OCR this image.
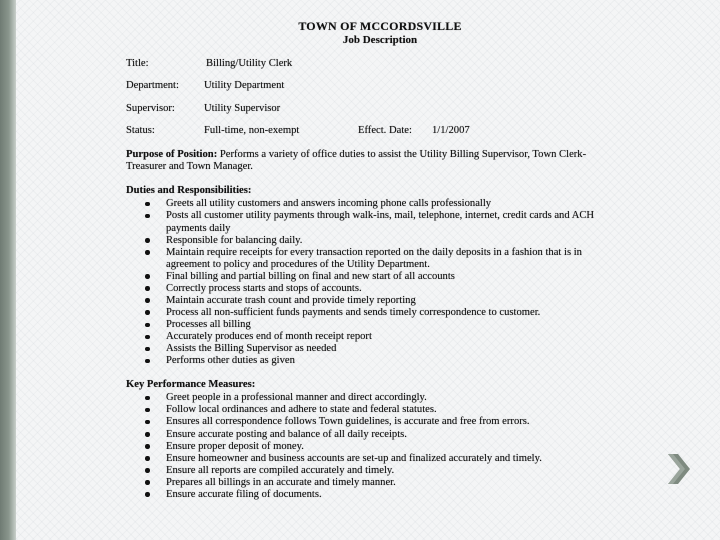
TOWN OF MCCORDSVILLE
Job Description
Title:	Billing/Utility Clerk
Department: Utility Department
Supervisor:	Utility Supervisor
Status:	Full-time, non-exempt	Effect. Date: 1/1/2007
Purpose of Position: Performs a variety of office duties to assist the Utility Billing Supervisor, Town Clerk-Treasurer and Town Manager.
Duties and Responsibilities:
Greets all utility customers and answers incoming phone calls professionally
Posts all customer utility payments through walk-ins, mail, telephone, internet, credit cards and ACH payments daily
Responsible for balancing daily.
Maintain require receipts for every transaction reported on the daily deposits in a fashion that is in agreement to policy and procedures of the Utility Department.
Final billing and partial billing on final and new start of all accounts
Correctly process starts and stops of accounts.
Maintain accurate trash count and provide timely reporting
Process all non-sufficient funds payments and sends timely correspondence to customer.
Processes all billing
Accurately produces end of month receipt report
Assists the Billing Supervisor as needed
Performs other duties as given
Key Performance Measures:
Greet people in a professional manner and direct accordingly.
Follow local ordinances and adhere to state and federal statutes.
Ensures all correspondence follows Town guidelines, is accurate and free from errors.
Ensure accurate posting and balance of all daily receipts.
Ensure proper deposit of money.
Ensure homeowner and business accounts are set-up and finalized accurately and timely.
Ensure all reports are compiled accurately and timely.
Prepares all billings in an accurate and timely manner.
Ensure accurate filing of documents.
